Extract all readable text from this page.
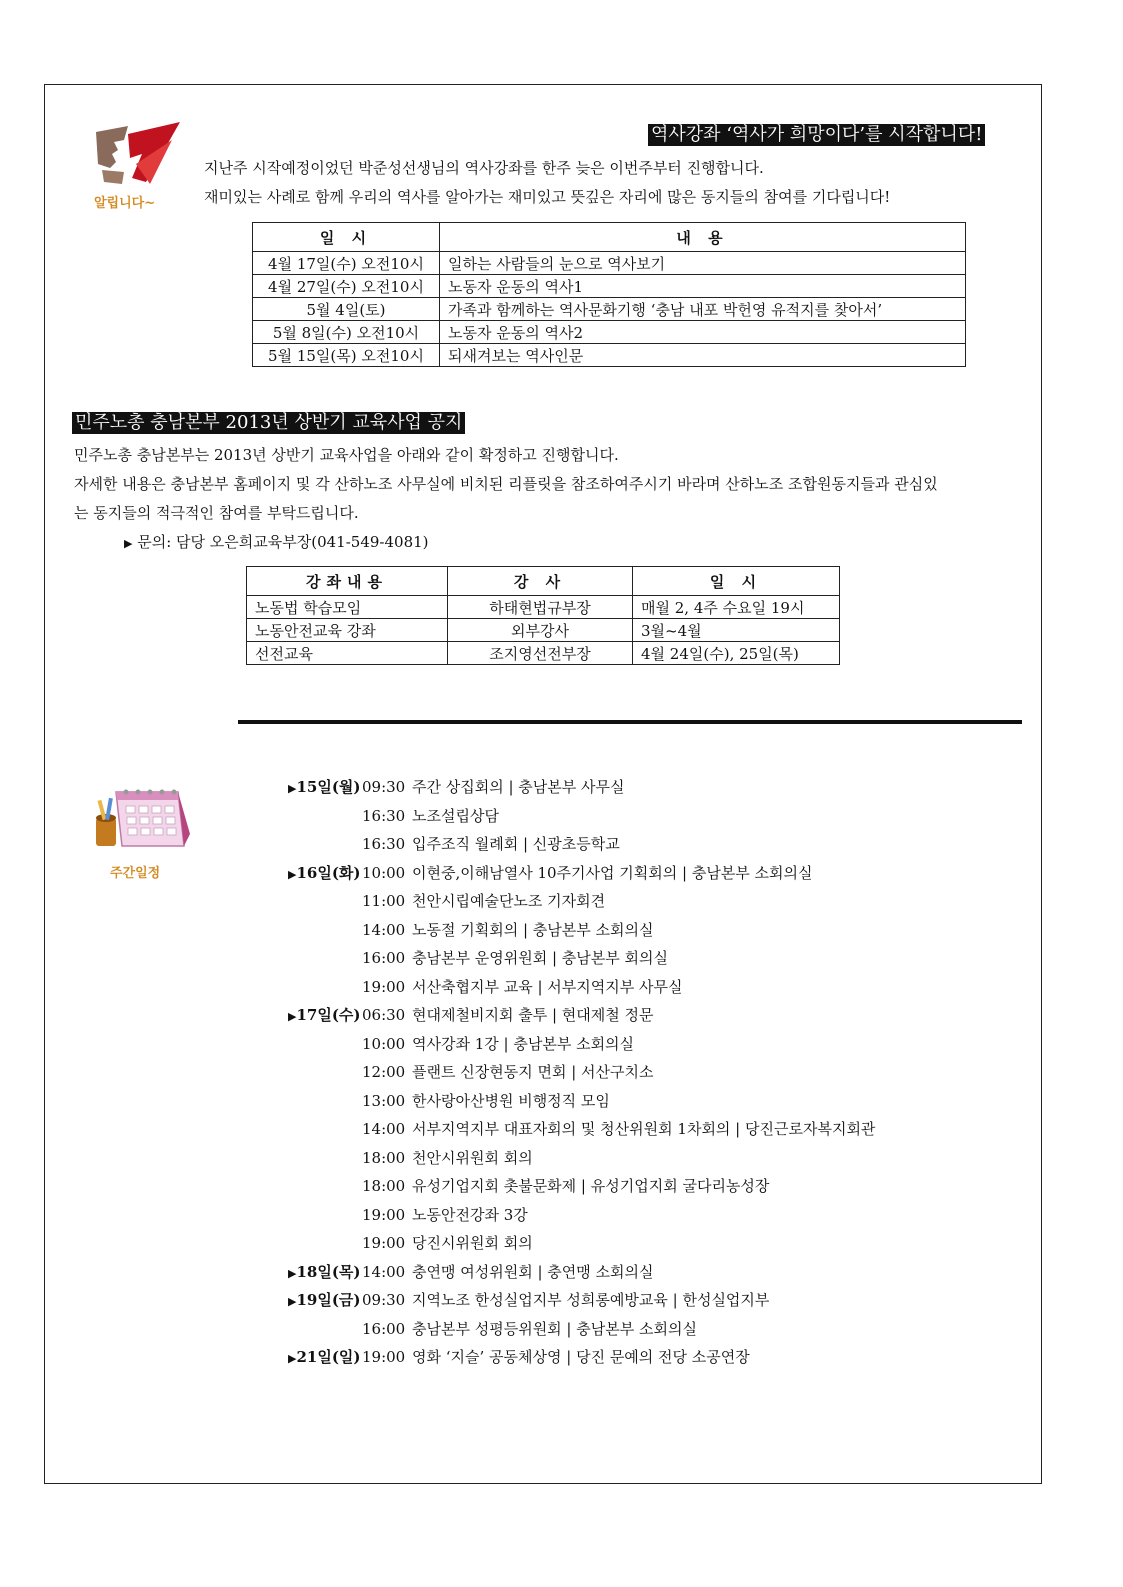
알립니다~
역사강좌 ‘역사가 희망이다’를 시작합니다!
지난주 시작예정이었던 박준성선생님의 역사강좌를 한주 늦은 이번주부터 진행합니다.
재미있는 사례로 함께 우리의 역사를 알아가는 재미있고 뜻깊은 자리에 많은 동지들의 참여를 기다립니다!
일 시	내 용
4월 17일(수) 오전10시	일하는 사람들의 눈으로 역사보기
4월 27일(수) 오전10시	노동자 운동의 역사1
5월 4일(토)	가족과 함께하는 역사문화기행 ‘충남 내포 박헌영 유적지를 찾아서’
5월 8일(수) 오전10시	노동자 운동의 역사2
5월 15일(목) 오전10시	되새겨보는 역사인문
민주노총 충남본부 2013년 상반기 교육사업 공지
민주노총 충남본부는 2013년 상반기 교육사업을 아래와 같이 확정하고 진행합니다.
자세한 내용은 충남본부 홈페이지 및 각 산하노조 사무실에 비치된 리플릿을 참조하여주시기 바라며 산하노조 조합원동지들과 관심있
는 동지들의 적극적인 참여를 부탁드립니다.
▶ 문의: 담당 오은희교육부장(041-549-4081)
강좌내용	강 사	일 시
노동법 학습모임	하태현법규부장	매월 2, 4주 수요일 19시
노동안전교육 강좌	외부강사	3월~4월
선전교육	조지영선전부장	4월 24일(수), 25일(목)
주간일정
▶15일(월)09:30 주간 상집회의 | 충남본부 사무실
16:30 노조설립상담
16:30 입주조직 월례회 | 신광초등학교
▶16일(화)10:00 이현중,이해남열사 10주기사업 기획회의 | 충남본부 소회의실
11:00 천안시립예술단노조 기자회견
14:00 노동절 기획회의 | 충남본부 소회의실
16:00 충남본부 운영위원회 | 충남본부 회의실
19:00 서산축협지부 교육 | 서부지역지부 사무실
▶17일(수)06:30 현대제철비지회 출투 | 현대제철 정문
10:00 역사강좌 1강 | 충남본부 소회의실
12:00 플랜트 신장현동지 면회 | 서산구치소
13:00 한사랑아산병원 비행정직 모임
14:00 서부지역지부 대표자회의 및 청산위원회 1차회의 | 당진근로자복지회관
18:00 천안시위원회 회의
18:00 유성기업지회 촛불문화제 | 유성기업지회 굴다리농성장
19:00 노동안전강좌 3강
19:00 당진시위원회 회의
▶18일(목)14:00 충연맹 여성위원회 | 충연맹 소회의실
▶19일(금)09:30 지역노조 한성실업지부 성희롱예방교육 | 한성실업지부
16:00 충남본부 성평등위원회 | 충남본부 소회의실
▶21일(일)19:00 영화 ‘지슬’ 공동체상영 | 당진 문예의 전당 소공연장
